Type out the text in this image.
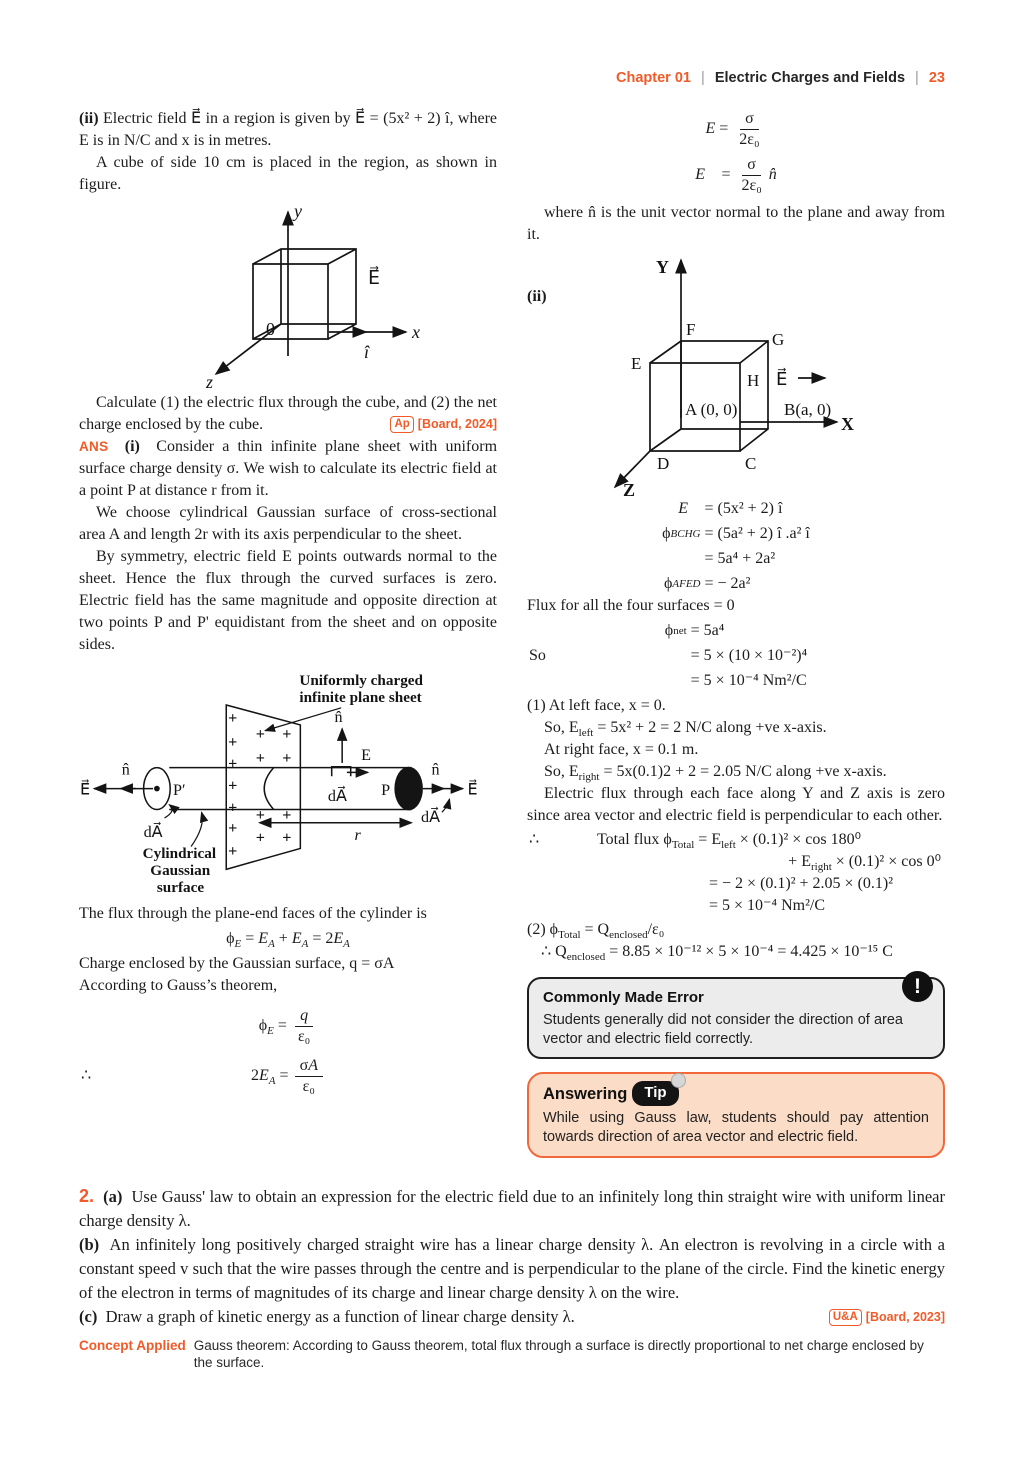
Chapter 01 | Electric Charges and Fields | 23

(ii) Electric field E⃗ in a region is given by E⃗ = (5x² + 2) î, where E is in N/C and x is in metres.

A cube of side 10 cm is placed in the region, as shown in figure.

y
x
z
î
0
E⃗

Calculate (1) the electric flux through the cube, and (2) the net charge enclosed by the cube.	Ap [Board, 2024]

ANS (i) Consider a thin infinite plane sheet with uniform surface charge density σ. We wish to calculate its electric field at a point P at distance r from it.

We choose cylindrical Gaussian surface of cross-sectional area A and length 2r with its axis perpendicular to the sheet.

By symmetry, electric field E points outwards normal to the sheet. Hence the flux through the curved surfaces is zero. Electric field has the same magnitude and opposite direction at two points P and P' equidistant from the sheet and on opposite sides.

Uniformly charged
infinite plane sheet
Cylindrical
Gaussian
surface
E⃗
n̂
P′
dA⃗
n̂
E
dA⃗ P
n̂
E⃗
dA⃗
r
+
+
+
+
+
+
+
+ +
+ +
+ +
+ +

The flux through the plane-end faces of the cylinder is

$\phi_E = E_A + E_A = 2E_A$

Charge enclosed by the Gaussian surface, q = σA

According to Gauss’s theorem,

$\phi_E = \frac{q}{\text{ε₀}}$
∴	$2E_A = \frac{\sigma A}{\text{ε₀}}$
$E = \frac{\sigma}{\text{2ε₀}}$
E⃗ = $\frac{\sigma}{\text{2ε₀}}$ n̂

where n̂ is the unit vector normal to the plane and away from it.

(ii)
Y
F
G
E
H E⃗
A (0, 0)	B(a, 0)
X
D	C
Z
E⃗ = (5x² + 2) î
ϕ BCHG = (5a² + 2) î .a² î
= 5a⁴ + 2a²
ϕ AFED = − 2a²

Flux for all the four surfaces = 0

So
ϕ net = 5a⁴
= 5 × (10 × 10⁻²)⁴
= 5 × 10⁻⁴ Nm²/C

(1) At left face, x = 0.

So, $E_{left} = 5x^2 + 2 = 2$ N/C along +ve x-axis.

At right face, x = 0.1 m.

So, $E_{right} = 5x(0.1)2 + 2 = 2.05$ N/C along +ve x-axis.

Electric flux through each face along Y and Z axis is zero since area vector and electric field is perpendicular to each other.

∴	Total flux $\phi_{Total} = E_{left} \times (0.1)^2 \times \cos 180^0$
+ $E_{right} \times (0.1)^2 \times \cos 0^0$
= − 2 × (0.1)² + 2.05 × (0.1)²
= 5 × 10⁻⁴ Nm²/C

(2) $\phi_{Total} = Q_{enclosed}/\varepsilon_0$

∴ $Q_{enclosed} = 8.85 \times 10^{-12} \times 5 \times 10^{-4} = 4.425 \times 10^{-15}$ C

!
Commonly Made Error
Students generally did not consider the direction of area vector and electric field correctly.
Answering	Tip
While using Gauss law, students should pay attention towards direction of area vector and electric field.

2. (a) Use Gauss' law to obtain an expression for the electric field due to an infinitely long thin straight wire with uniform linear charge density λ.

(b) An infinitely long positively charged straight wire has a linear charge density λ. An electron is revolving in a circle with a constant speed v such that the wire passes through the centre and is perpendicular to the plane of the circle. Find the kinetic energy of the electron in terms of magnitudes of its charge and linear charge density λ on the wire.

(c) Draw a graph of kinetic energy as a function of linear charge density λ.	U&A [Board, 2023]
Concept Applied Gauss theorem: According to Gauss theorem, total flux through a surface is directly proportional to net charge enclosed by the surface.
